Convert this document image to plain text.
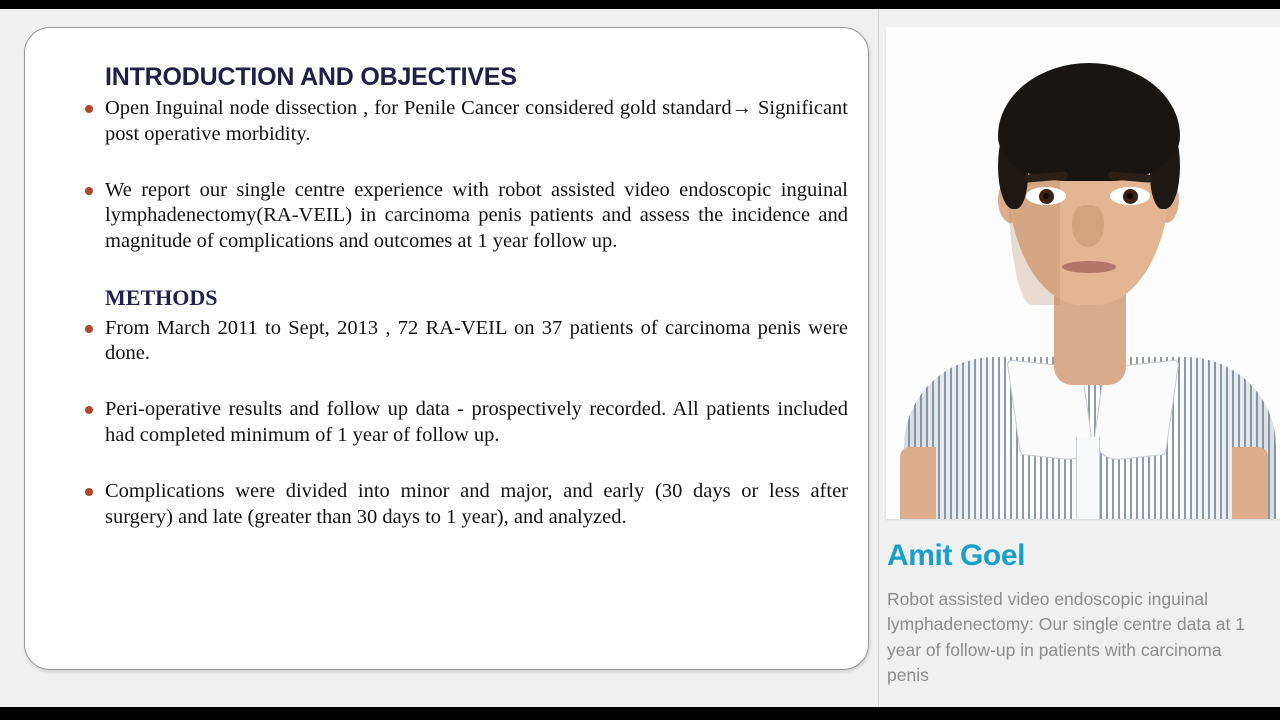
INTRODUCTION AND OBJECTIVES
Open Inguinal node dissection , for Penile Cancer considered gold standard→ Significant post operative morbidity.
We report our single centre experience with robot assisted video endoscopic inguinal lymphadenectomy(RA-VEIL) in carcinoma penis patients and assess the incidence and magnitude of complications and outcomes at 1 year follow up.
METHODS
From March 2011 to Sept, 2013 , 72 RA-VEIL on 37 patients of carcinoma penis were done.
Peri-operative results and follow up data - prospectively recorded. All patients included had completed minimum of 1 year of follow up.
Complications were divided into minor and major, and early (30 days or less after surgery) and late (greater than 30 days to 1 year), and analyzed.
Amit Goel
Robot assisted video endoscopic inguinal lymphadenectomy: Our single centre data at 1 year of follow-up in patients with carcinoma penis
